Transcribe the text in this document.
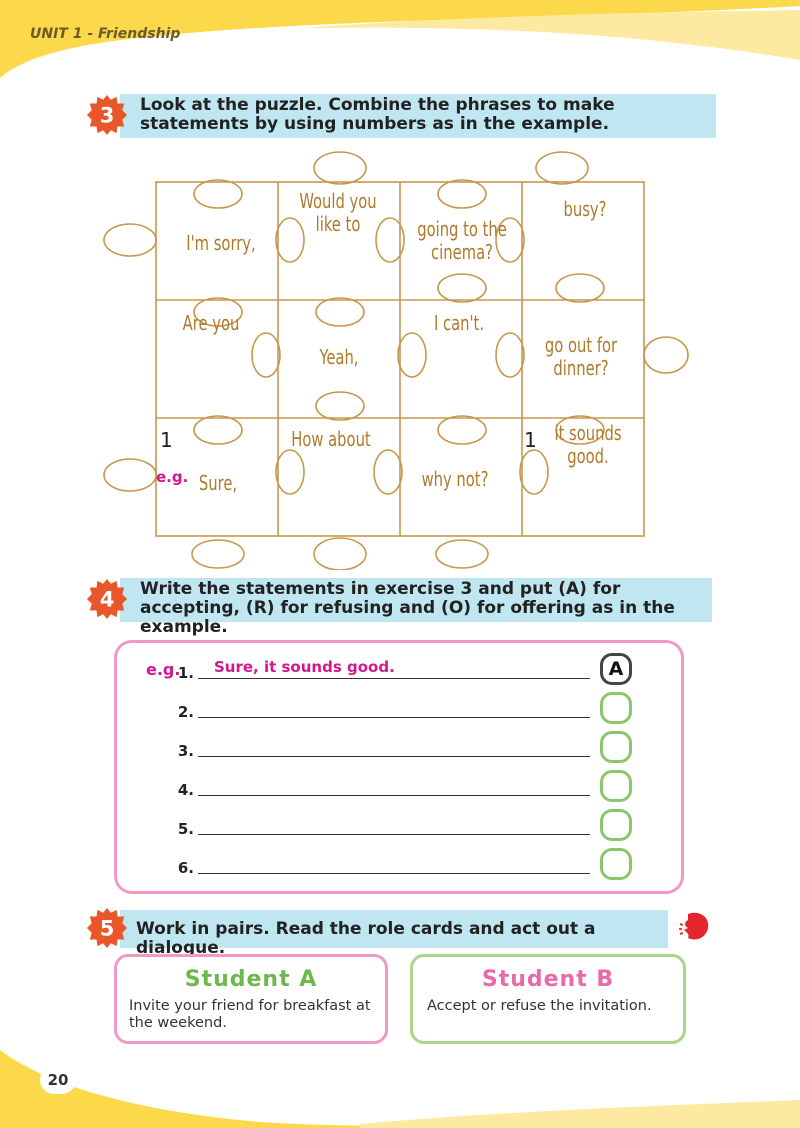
UNIT 1 - Friendship
3 Look at the puzzle. Combine the phrases to make statements by using numbers as in the example.
I'm sorry,
Would you like to	going to the cinema?
busy?
Are you
Yeah,
I can't.
go out for dinner?
1
e.g. Sure,
How about
why not?
1 it sounds good.
4 Write the statements in exercise 3 and put (A) for accepting, (R) for refusing and (O) for offering as in the example.
e.g.
1. Sure, it sounds good.	A
2.
3.
4.
5.
6.
5 Work in pairs. Read the role cards and act out a dialogue.
Student A
Invite your friend for breakfast at the weekend.
Student B
Accept or refuse the invitation.
20
